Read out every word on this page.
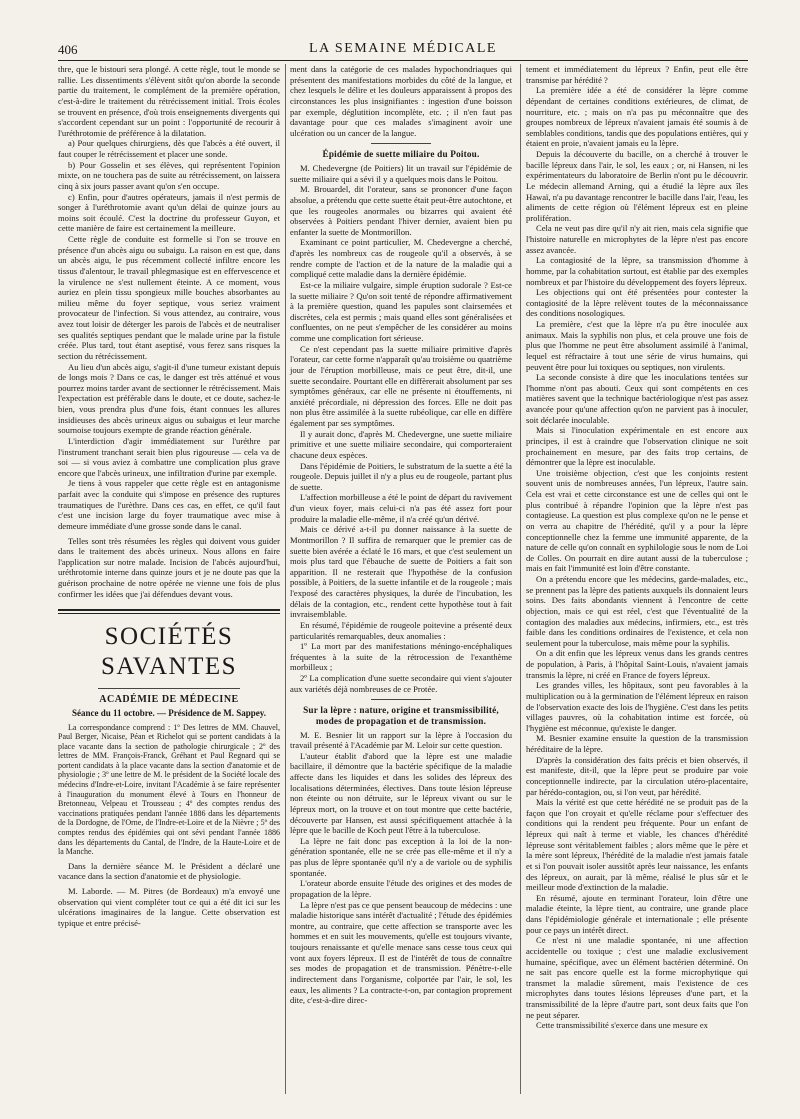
406	LA SEMAINE MÉDICALE

thre, que le bistouri sera plongé. A cette règle, tout le monde se rallie. Les dissentiments s'élèvent sitôt qu'on aborde la seconde partie du traitement, le complément de la première opération, c'est-à-dire le traitement du rétrécissement initial. Trois écoles se trouvent en présence, d'où trois enseignements divergents qui s'accordent cependant sur un point : l'opportunité de recourir à l'uréthrotomie de préférence à la dilatation.

a) Pour quelques chirurgiens, dès que l'abcès a été ouvert, il faut couper le rétrécissement et placer une sonde.

b) Pour Gosselin et ses élèves, qui représentent l'opinion mixte, on ne touchera pas de suite au rétrécissement, on laissera cinq à six jours passer avant qu'on s'en occupe.

c) Enfin, pour d'autres opérateurs, jamais il n'est permis de songer à l'uréthrotomie avant qu'un délai de quinze jours au moins soit écoulé. C'est la doctrine du professeur Guyon, et cette manière de faire est certainement la meilleure.

Cette règle de conduite est formelle si l'on se trouve en présence d'un abcès aigu ou subaigu. La raison en est que, dans un abcès aigu, le pus récemment collecté infiltre encore les tissus d'alentour, le travail phlegmasique est en effervescence et la virulence ne s'est nullement éteinte. A ce moment, vous auriez en plein tissu spongieux mille bouches absorbantes au milieu même du foyer septique, vous seriez vraiment provocateur de l'infection. Si vous attendez, au contraire, vous avez tout loisir de déterger les parois de l'abcès et de neutraliser ses qualités septiques pendant que le malade urine par la fistule créée. Plus tard, tout étant aseptisé, vous ferez sans risques la section du rétrécissement.

Au lieu d'un abcès aigu, s'agit-il d'une tumeur existant depuis de longs mois ? Dans ce cas, le danger est très atténué et vous pourrez moins tarder avant de sectionner le rétrécissement. Mais l'expectation est préférable dans le doute, et ce doute, sachez-le bien, vous prendra plus d'une fois, étant connues les allures insidieuses des abcès urineux aigus ou subaigus et leur marche sournoise toujours exempte de grande réaction générale.

L'interdiction d'agir immédiatement sur l'uréthre par l'instrument tranchant serait bien plus rigoureuse — cela va de soi — si vous aviez à combattre une complication plus grave encore que l'abcès urineux, une infiltration d'urine par exemple.

Je tiens à vous rappeler que cette règle est en antagonisme parfait avec la conduite qui s'impose en présence des ruptures traumatiques de l'urèthre. Dans ces cas, en effet, ce qu'il faut c'est une incision large du foyer traumatique avec mise à demeure immédiate d'une grosse sonde dans le canal.

Telles sont très résumées les règles qui doivent vous guider dans le traitement des abcès urineux. Nous allons en faire l'application sur notre malade. Incision de l'abcès aujourd'hui, uréthrotomie interne dans quinze jours et je ne doute pas que la guérison prochaine de notre opérée ne vienne une fois de plus confirmer les idées que j'ai défendues devant vous.

SOCIÉTÉS SAVANTES
ACADÉMIE DE MÉDECINE
Séance du 11 octobre. — Présidence de M. Sappey.

La correspondance comprend : 1º Des lettres de MM. Chauvel, Paul Berger, Nicaise, Péan et Richelot qui se portent candidats à la place vacante dans la section de pathologie chirurgicale ; 2º des lettres de MM. François-Franck, Gréhant et Paul Regnard qui se portent candidats à la place vacante dans la section d'anatomie et de physiologie ; 3º une lettre de M. le président de la Société locale des médecins d'Indre-et-Loire, invitant l'Académie à se faire représenter à l'inauguration du monument élevé à Tours en l'honneur de Bretonneau, Velpeau et Trousseau ; 4º des comptes rendus des vaccinations pratiquées pendant l'année 1886 dans les départements de la Dordogne, de l'Orne, de l'Indre-et-Loire et de la Nièvre ; 5º des comptes rendus des épidémies qui ont sévi pendant l'année 1886 dans les départements du Cantal, de l'Indre, de la Haute-Loire et de la Manche.

Dans la dernière séance M. le Président a déclaré une vacance dans la section d'anatomie et de physiologie.

M. Laborde. — M. Pitres (de Bordeaux) m'a envoyé une observation qui vient compléter tout ce qui a été dit ici sur les ulcérations imaginaires de la langue. Cette observation est typique et entre précisé-

ment dans la catégorie de ces malades hypochondriaques qui présentent des manifestations morbides du côté de la langue, et chez lesquels le délire et les douleurs apparaissent à propos des circonstances les plus insignifiantes : ingestion d'une boisson par exemple, déglutition incomplète, etc. ; il n'en faut pas davantage pour que ces malades s'imaginent avoir une ulcération ou un cancer de la langue.

Épidémie de suette miliaire du Poitou.

M. Chedevergne (de Poitiers) lit un travail sur l'épidémie de suette miliaire qui a sévi il y a quelques mois dans le Poitou.

M. Brouardel, dit l'orateur, sans se prononcer d'une façon absolue, a prétendu que cette suette était peut-être autochtone, et que les rougeoles anormales ou bizarres qui avaient été observées à Poitiers pendant l'hiver dernier, avaient bien pu enfanter la suette de Montmorillon.

Examinant ce point particulier, M. Chedevergne a cherché, d'après les nombreux cas de rougeole qu'il a observés, à se rendre compte de l'action et de la nature de la maladie qui a compliqué cette maladie dans la dernière épidémie.

Est-ce la miliaire vulgaire, simple éruption sudorale ? Est-ce la suette miliaire ? Qu'on soit tenté de répondre affirmativement à la première question, quand les papules sont clairsemées et discrètes, cela est permis ; mais quand elles sont généralisées et confluentes, on ne peut s'empêcher de les considérer au moins comme une complication fort sérieuse.

Ce n'est cependant pas la suette miliaire primitive d'après l'orateur, car cette forme n'apparaît qu'au troisième ou quatrième jour de l'éruption morbilleuse, mais ce peut être, dit-il, une suette secondaire. Pourtant elle en diffèrerait absolument par ses symptômes généraux, car elle ne présente ni étouffements, ni anxiété précordiale, ni dépression des forces. Elle ne doit pas non plus être assimilée à la suette rubéolique, car elle en diffère également par ses symptômes.

Il y aurait donc, d'après M. Chedevergne, une suette miliaire primitive et une suette miliaire secondaire, qui comporteraient chacune deux espèces.

Dans l'épidémie de Poitiers, le substratum de la suette a été la rougeole. Depuis juillet il n'y a plus eu de rougeole, partant plus de suette.

L'affection morbilleuse a été le point de départ du ravivement d'un vieux foyer, mais celui-ci n'a pas été assez fort pour produire la maladie elle-même, il n'a créé qu'un dérivé.

Mais ce dérivé a-t-il pu donner naissance à la suette de Montmorillon ? Il suffira de remarquer que le premier cas de suette bien avérée a éclaté le 16 mars, et que c'est seulement un mois plus tard que l'ébauche de suette de Poitiers a fait son apparition. Il ne resterait que l'hypothèse de la confusion possible, à Poitiers, de la suette infantile et de la rougeole ; mais l'exposé des caractères physiques, la durée de l'incubation, les délais de la contagion, etc., rendent cette hypothèse tout à fait invraisemblable.

En résumé, l'épidémie de rougeole poitevine a présenté deux particularités remarquables, deux anomalies :

1º La mort par des manifestations méningo-encéphaliques fréquentes à la suite de la rétrocession de l'exanthème morbilleux ;

2º La complication d'une suette secondaire qui vient s'ajouter aux variétés déjà nombreuses de ce Protée.

Sur la lèpre : nature, origine et transmissibilité, modes de propagation et de transmission.

M. E. Besnier lit un rapport sur la lèpre à l'occasion du travail présenté à l'Académie par M. Leloir sur cette question.

L'auteur établit d'abord que la lèpre est une maladie bacillaire, il démontre que la bactérie spécifique de la maladie affecte dans les liquides et dans les solides des lépreux des localisations déterminées, électives. Dans toute lésion lépreuse non éteinte ou non détruite, sur le lépreux vivant ou sur le lépreux mort, on la trouve et on tout montre que cette bactérie, découverte par Hansen, est aussi spécifiquement attachée à la lèpre que le bacille de Koch peut l'être à la tuberculose.

La lèpre ne fait donc pas exception à la loi de la non-génération spontanée, elle ne se crée pas elle-même et il n'y a pas plus de lèpre spontanée qu'il n'y a de variole ou de syphilis spontanée.

L'orateur aborde ensuite l'étude des origines et des modes de propagation de la lèpre.

La lèpre n'est pas ce que pensent beaucoup de médecins : une maladie historique sans intérêt d'actualité ; l'étude des épidémies montre, au contraire, que cette affection se transporte avec les hommes et en suit les mouvements, qu'elle est toujours vivante, toujours renaissante et qu'elle menace sans cesse tous ceux qui vont aux foyers lépreux. Il est de l'intérêt de tous de connaître ses modes de propagation et de transmission. Pénètre-t-elle indirectement dans l'organisme, colportée par l'air, le sol, les eaux, les aliments ? La contracte-t-on, par contagion proprement dite, c'est-à-dire direc-

tement et immédiatement du lépreux ? Enfin, peut elle être transmise par hérédité ?

La première idée a été de considérer la lèpre comme dépendant de certaines conditions extérieures, de climat, de nourriture, etc. ; mais on n'a pas pu méconnaître que des groupes nombreux de lépreux n'avaient jamais été soumis à de semblables conditions, tandis que des populations entières, qui y étaient en proie, n'avaient jamais eu la lèpre.

Depuis la découverte du bacille, on a cherché à trouver le bacille lépreux dans l'air, le sol, les eaux ; or, ni Hansen, ni les expérimentateurs du laboratoire de Berlin n'ont pu le découvrir. Le médecin allemand Arning, qui a étudié la lèpre aux îles Hawaï, n'a pu davantage rencontrer le bacille dans l'air, l'eau, les aliments de cette région où l'élément lépreux est en pleine prolifération.

Cela ne veut pas dire qu'il n'y ait rien, mais cela signifie que l'histoire naturelle en microphytes de la lèpre n'est pas encore assez avancée.

La contagiosité de la lèpre, sa transmission d'homme à homme, par la cohabitation surtout, est établie par des exemples nombreux et par l'histoire du développement des foyers lépreux.

Les objections qui ont été présentées pour contester la contagiosité de la lèpre relèvent toutes de la méconnaissance des conditions nosologiques.

La première, c'est que la lèpre n'a pu être inoculée aux animaux. Mais la syphilis non plus, et cela prouve une fois de plus que l'homme ne peut être absolument assimilé à l'animal, lequel est réfractaire à tout une série de virus humains, qui peuvent être pour lui toxiques ou septiques, non virulents.

La seconde consiste à dire que les inoculations tentées sur l'homme n'ont pas abouti. Ceux qui sont compétents en ces matières savent que la technique bactériologique n'est pas assez avancée pour qu'une affection qu'on ne parvient pas à inoculer, soit déclarée inoculable.

Mais si l'inoculation expérimentale en est encore aux principes, il est à craindre que l'observation clinique ne soit prochainement en mesure, par des faits trop certains, de démontrer que la lèpre est inoculable.

Une troisième objection, c'est que les conjoints restent souvent unis de nombreuses années, l'un lépreux, l'autre sain. Cela est vrai et cette circonstance est une de celles qui ont le plus contribué à répandre l'opinion que la lèpre n'est pas contagieuse. La question est plus complexe qu'on ne le pense et on verra au chapitre de l'hérédité, qu'il y a pour la lèpre conceptionnelle chez la femme une immunité apparente, de la nature de celle qu'on connaît en syphilologie sous le nom de Loi de Colles. On pourrait en dire autant aussi de la tuberculose ; mais en fait l'immunité est loin d'être constante.

On a prétendu encore que les médecins, garde-malades, etc., se prennent pas la lèpre des patients auxquels ils donnaient leurs soins. Des faits abondants viennent à l'encontre de cette objection, mais ce qui est réel, c'est que l'éventualité de la contagion des maladies aux médecins, infirmiers, etc., est très faible dans les conditions ordinaires de l'existence, et cela non seulement pour la tuberculose, mais même pour la syphilis.

On a dit enfin que les lépreux venus dans les grands centres de population, à Paris, à l'hôpital Saint-Louis, n'avaient jamais transmis la lèpre, ni créé en France de foyers lépreux.

Les grandes villes, les hôpitaux, sont peu favorables à la multiplication ou à la germination de l'élément lépreux en raison de l'observation exacte des lois de l'hygiène. C'est dans les petits villages pauvres, où la cohabitation intime est forcée, où l'hygiène est méconnue, qu'existe le danger.

M. Besnier examine ensuite la question de la transmission héréditaire de la lèpre.

D'après la considération des faits précis et bien observés, il est manifeste, dit-il, que la lèpre peut se produire par voie conceptionnelle indirecte, par la circulation utéro-placentaire, par hérédo-contagion, ou, si l'on veut, par hérédité.

Mais la vérité est que cette hérédité ne se produit pas de la façon que l'on croyait et qu'elle réclame pour s'effectuer des conditions qui la rendent peu fréquente. Pour un enfant de lépreux qui naît à terme et viable, les chances d'hérédité lépreuse sont véritablement faibles ; alors même que le père et la mère sont lépreux, l'hérédité de la maladie n'est jamais fatale et si l'on pouvait isoler aussitôt après leur naissance, les enfants des lépreux, on aurait, par là même, réalisé le plus sûr et le meilleur mode d'extinction de la maladie.

En résumé, ajoute en terminant l'orateur, loin d'être une maladie éteinte, la lèpre tient, au contraire, une grande place dans l'épidémiologie générale et internationale ; elle présente pour ce pays un intérêt direct.

Ce n'est ni une maladie spontanée, ni une affection accidentelle ou toxique ; c'est une maladie exclusivement humaine, spécifique, avec un élément bactérien déterminé. On ne sait pas encore quelle est la forme microphytique qui transmet la maladie sûrement, mais l'existence de ces microphytes dans toutes lésions lépreuses d'une part, et la transmissibilité de la lèpre d'autre part, sont deux faits que l'on ne peut séparer.

Cette transmissibilité s'exerce dans une mesure ex
